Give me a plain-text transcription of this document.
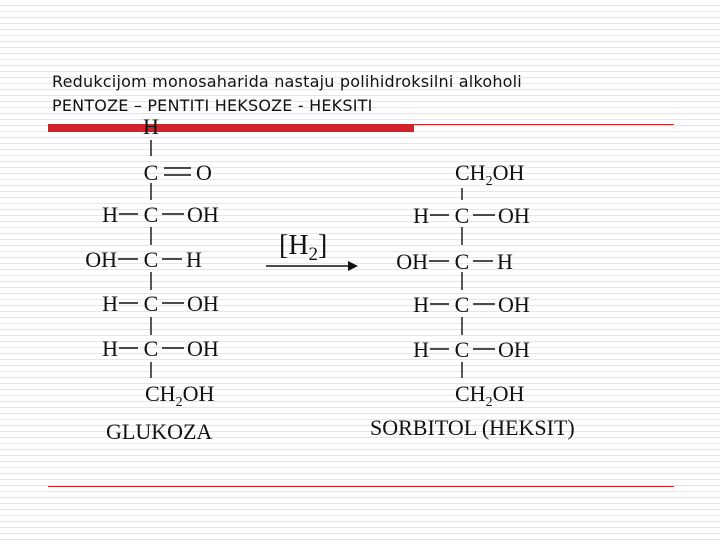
Redukcijom monosaharida nastaju polihidroksilni alkoholi
PENTOZE – PENTITI HEKSOZE - HEKSITI
H
C O
H C OH
OH C H
H C OH
H C OH
$CH_2OH$
GLUKOZA
$[H_2]$
$CH_2OH$
H C OH
OH C H
H C OH
H C OH
$CH_2OH$
SORBITOL (HEKSIT)
